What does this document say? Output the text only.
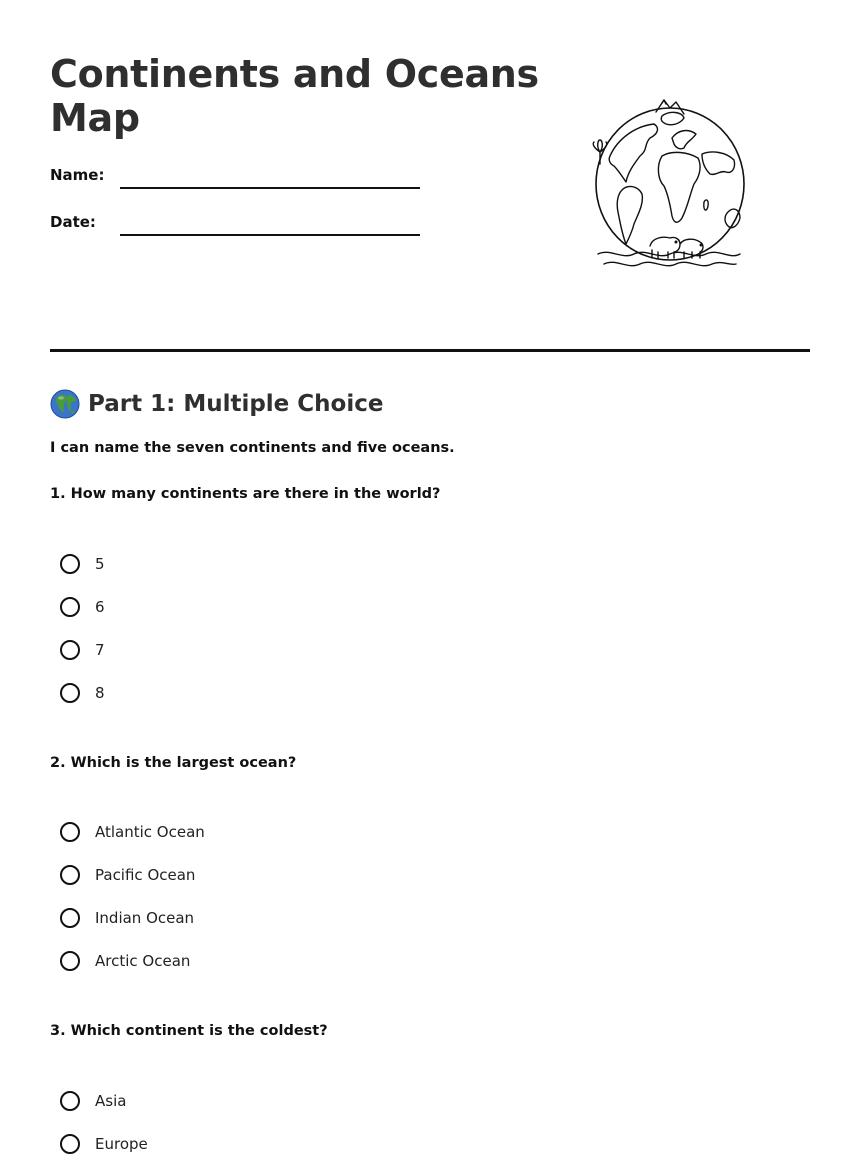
Continents and Oceans Map
Name:
Date:
Part 1: Multiple Choice
I can name the seven continents and five oceans.
1. How many continents are there in the world?
5
6
7
8
2. Which is the largest ocean?
Atlantic Ocean
Pacific Ocean
Indian Ocean
Arctic Ocean
3. Which continent is the coldest?
Asia
Europe
